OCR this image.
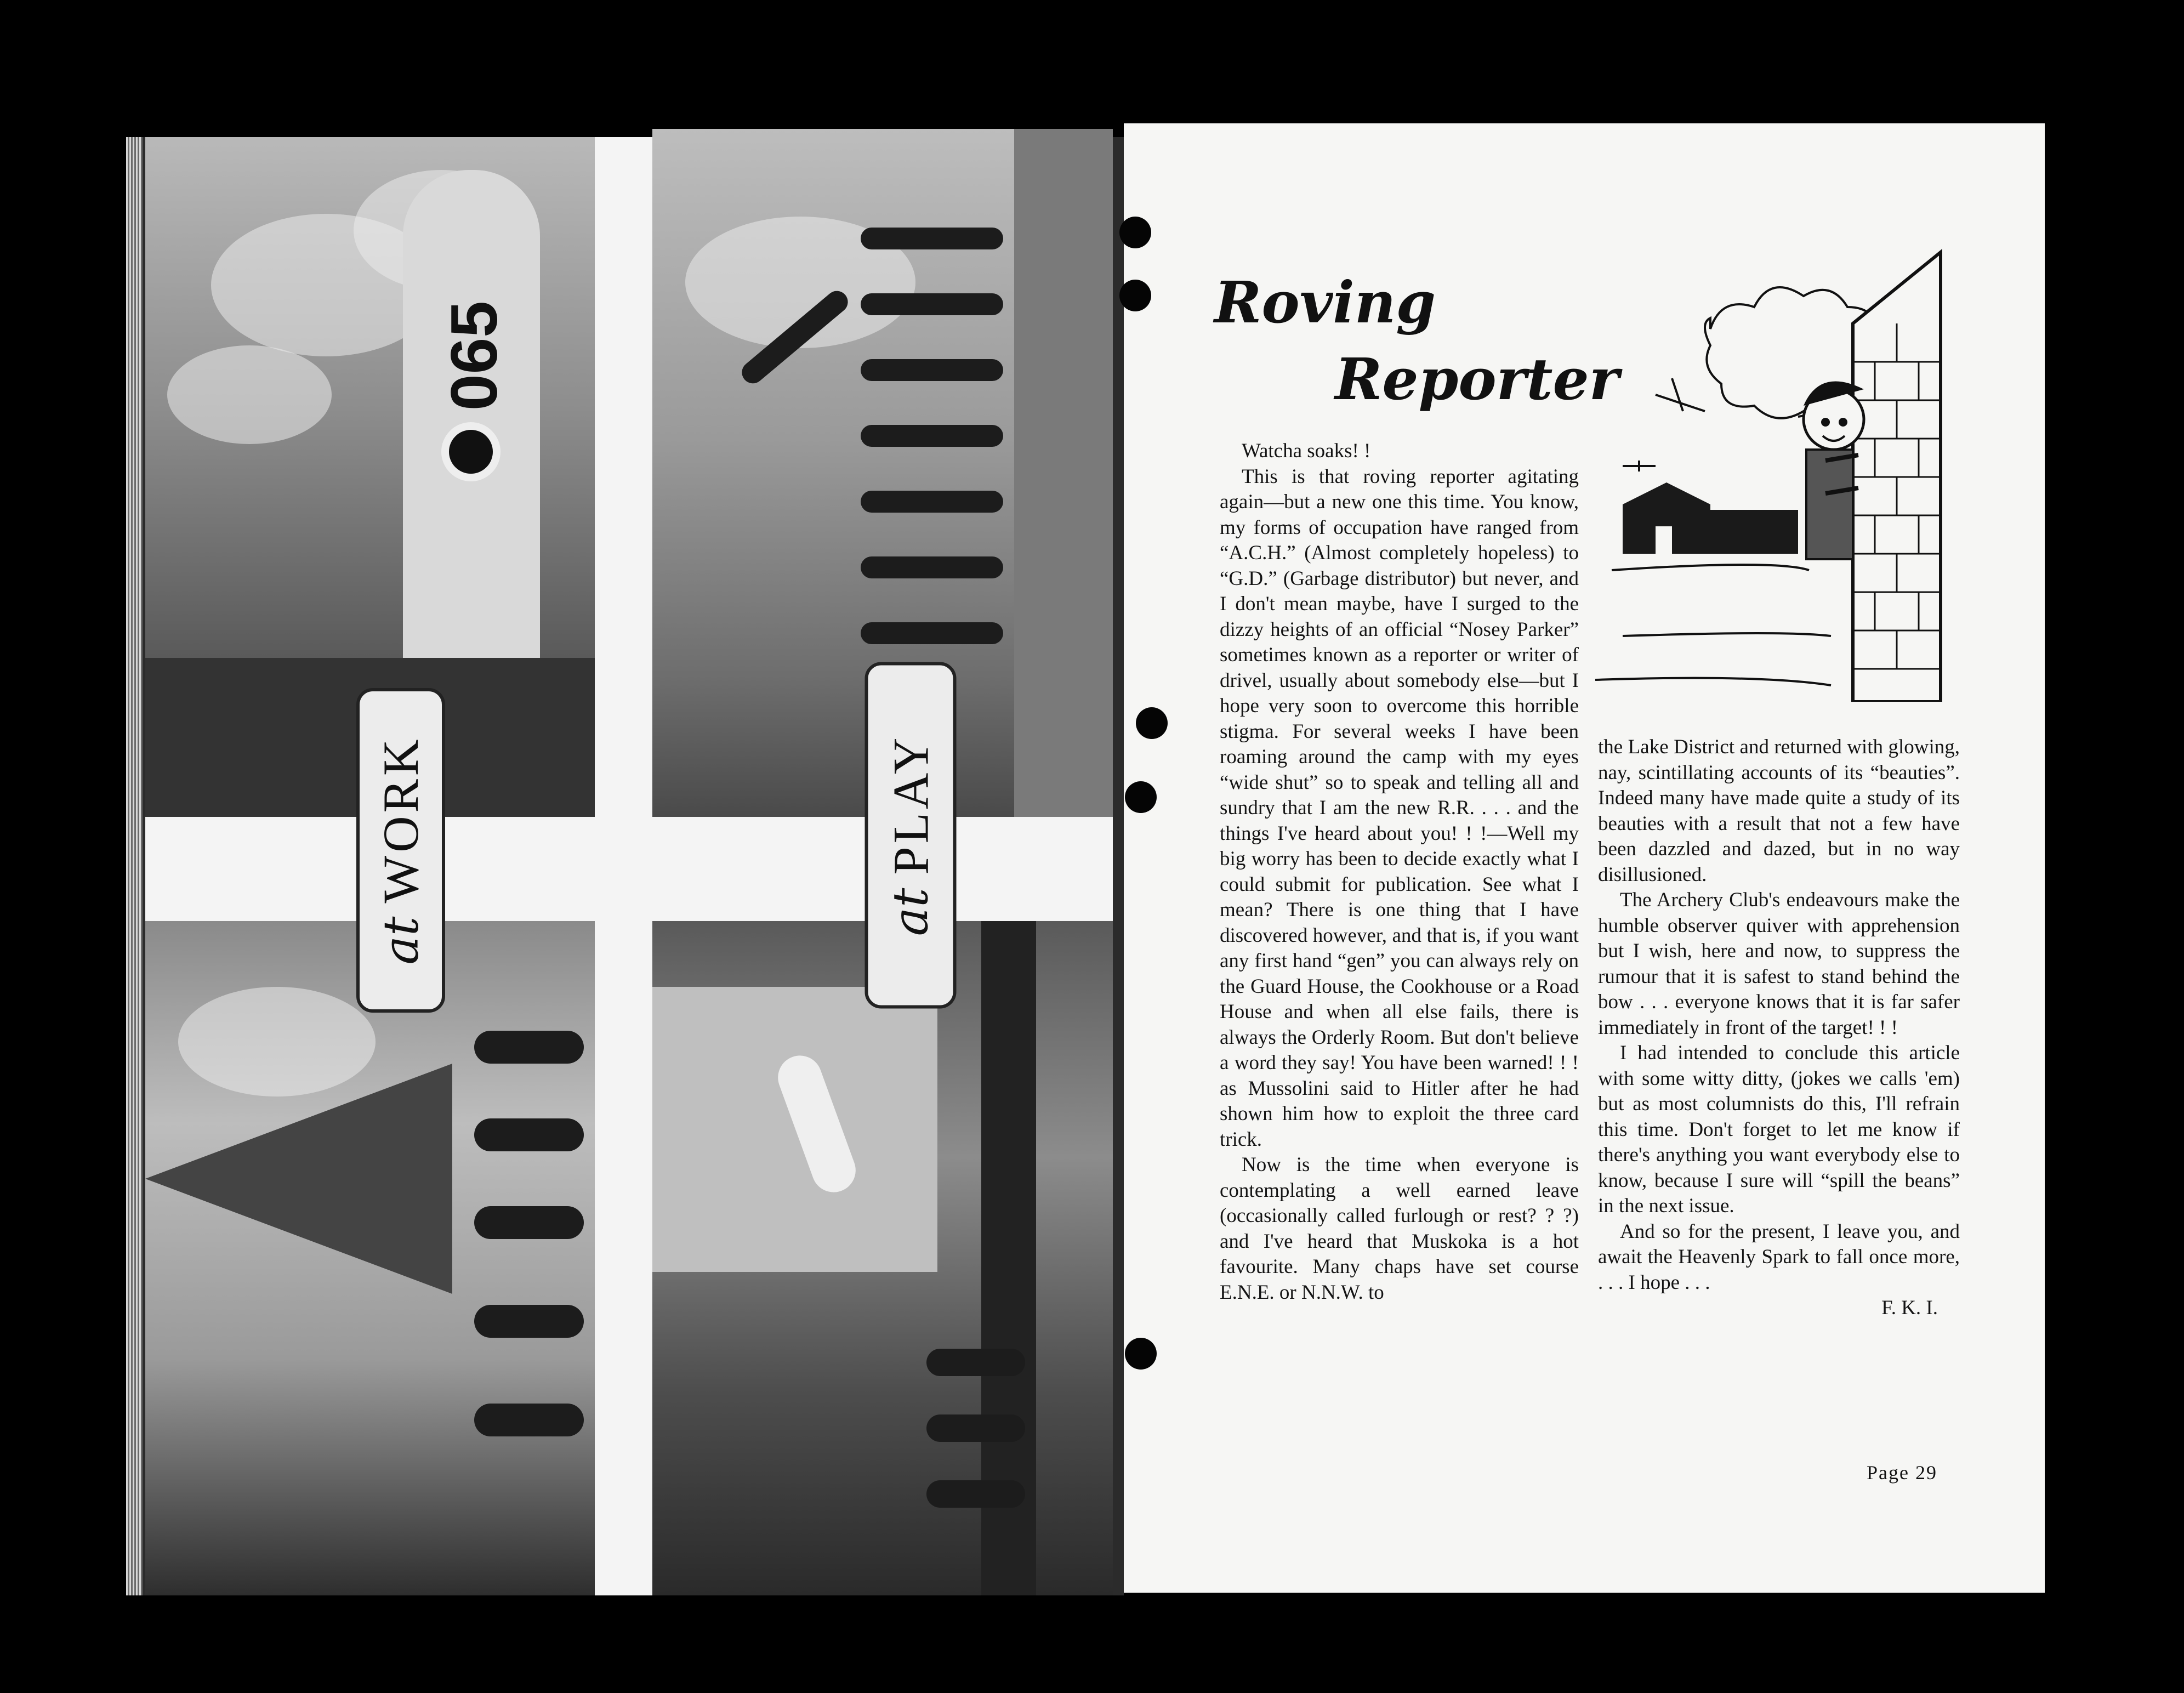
065
at
WORK
at
PLAY
Roving
Reporter

Watcha soaks! !

This is that roving reporter agitating again—but a new one this time. You know, my forms of occupation have ranged from “A.C.H.” (Almost completely hopeless) to “G.D.” (Garbage distributor) but never, and I don't mean maybe, have I surged to the dizzy heights of an official “Nosey Parker” sometimes known as a reporter or writer of drivel, usually about somebody else—but I hope very soon to overcome this horrible stigma. For several weeks I have been roaming around the camp with my eyes “wide shut” so to speak and telling all and sundry that I am the new R.R. . . . and the things I've heard about you! ! !—Well my big worry has been to decide exactly what I could submit for publication. See what I mean? There is one thing that I have discovered however, and that is, if you want any first hand “gen” you can always rely on the Guard House, the Cookhouse or a Road House and when all else fails, there is always the Orderly Room. But don't believe a word they say! You have been warned! ! ! as Mussolini said to Hitler after he had shown him how to exploit the three card trick.

Now is the time when everyone is contemplating a well earned leave (occasionally called furlough or rest? ? ?) and I've heard that Muskoka is a hot favourite. Many chaps have set course E.N.E. or N.N.W. to

the Lake District and returned with glowing, nay, scintillating accounts of its “beauties”. Indeed many have made quite a study of its beauties with a result that not a few have been dazzled and dazed, but in no way disillusioned.

The Archery Club's endeavours make the humble observer quiver with apprehension but I wish, here and now, to suppress the rumour that it is safest to stand behind the bow . . . everyone knows that it is far safer immediately in front of the target! ! !

I had intended to conclude this article with some witty ditty, (jokes we calls 'em) but as most columnists do this, I'll refrain this time. Don't forget to let me know if there's anything you want everybody else to know, because I sure will “spill the beans” in the next issue.

And so for the present, I leave you, and await the Heavenly Spark to fall once more, . . . I hope . . .

F. K. I.

Page 29
